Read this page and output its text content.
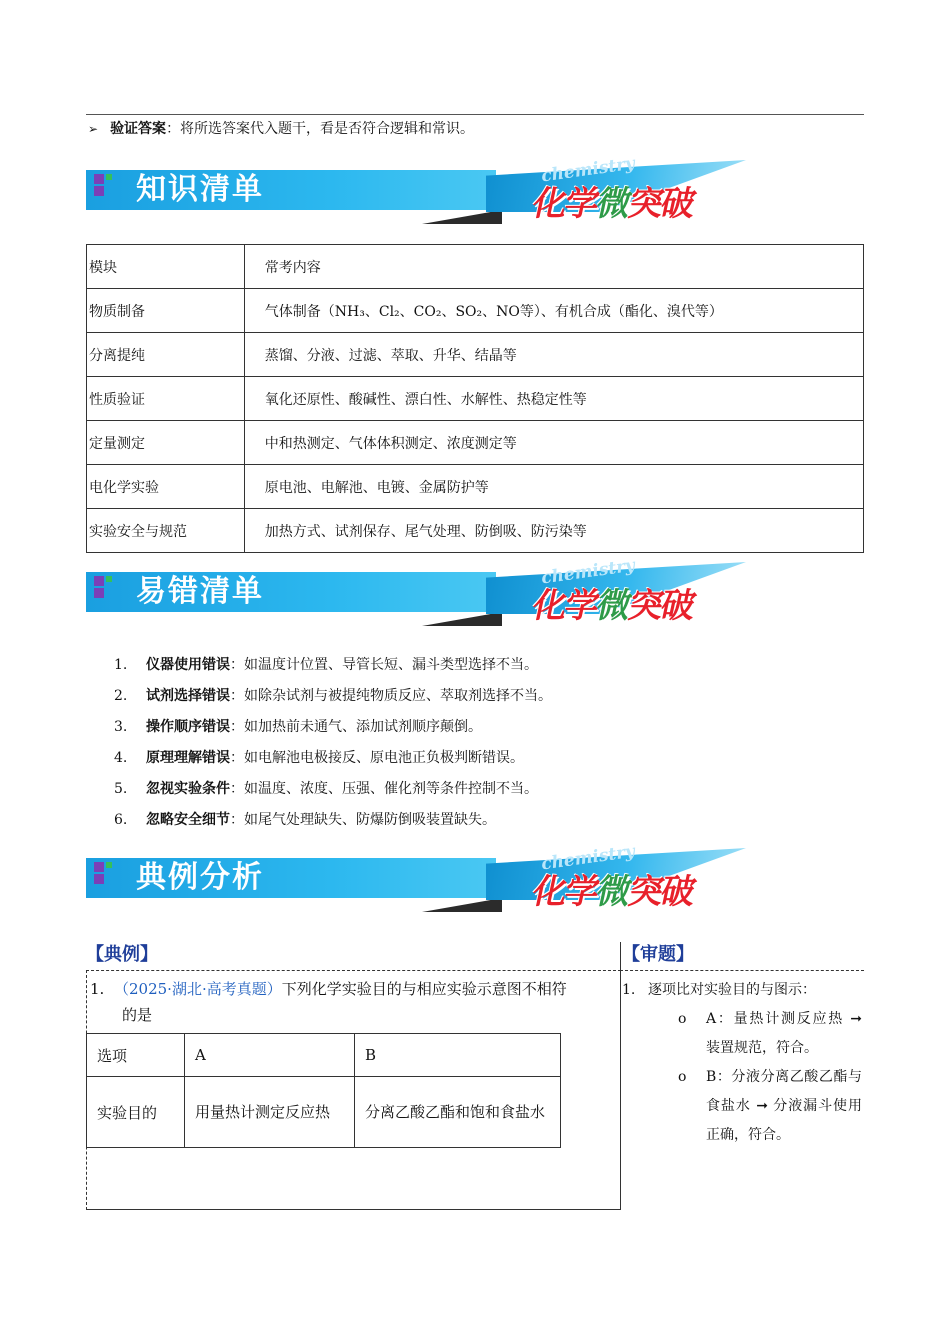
➢ 验证答案：将所选答案代入题干，看是否符合逻辑和常识。
知识清单
chemistry
化学微突破
模块	常考内容
物质制备	气体制备（NH₃、Cl₂、CO₂、SO₂、NO等）、有机合成（酯化、溴代等）
分离提纯	蒸馏、分液、过滤、萃取、升华、结晶等
性质验证	氧化还原性、酸碱性、漂白性、水解性、热稳定性等
定量测定	中和热测定、气体体积测定、浓度测定等
电化学实验	原电池、电解池、电镀、金属防护等
实验安全与规范	加热方式、试剂保存、尾气处理、防倒吸、防污染等
易错清单
chemistry
化学微突破
1. 仪器使用错误：如温度计位置、导管长短、漏斗类型选择不当。
2. 试剂选择错误：如除杂试剂与被提纯物质反应、萃取剂选择不当。
3. 操作顺序错误：如加热前未通气、添加试剂顺序颠倒。
4. 原理理解错误：如电解池电极接反、原电池正负极判断错误。
5. 忽视实验条件：如温度、浓度、压强、催化剂等条件控制不当。
6. 忽略安全细节：如尾气处理缺失、防爆防倒吸装置缺失。
典例分析
chemistry
化学微突破
【典例】	【审题】
1. （2025·湖北·高考真题）下列化学实验目的与相应实验示意图不相符
的是
选项	A	B
实验目的	用量热计测定反应热	分离乙酸乙酯和饱和食盐水
1. 逐项比对实验目的与图示：
o A：量热计测反应热 ➞ 装置规范，符合。
o B：分液分离乙酸乙酯与食盐水 ➞ 分液漏斗使用正确，符合。
